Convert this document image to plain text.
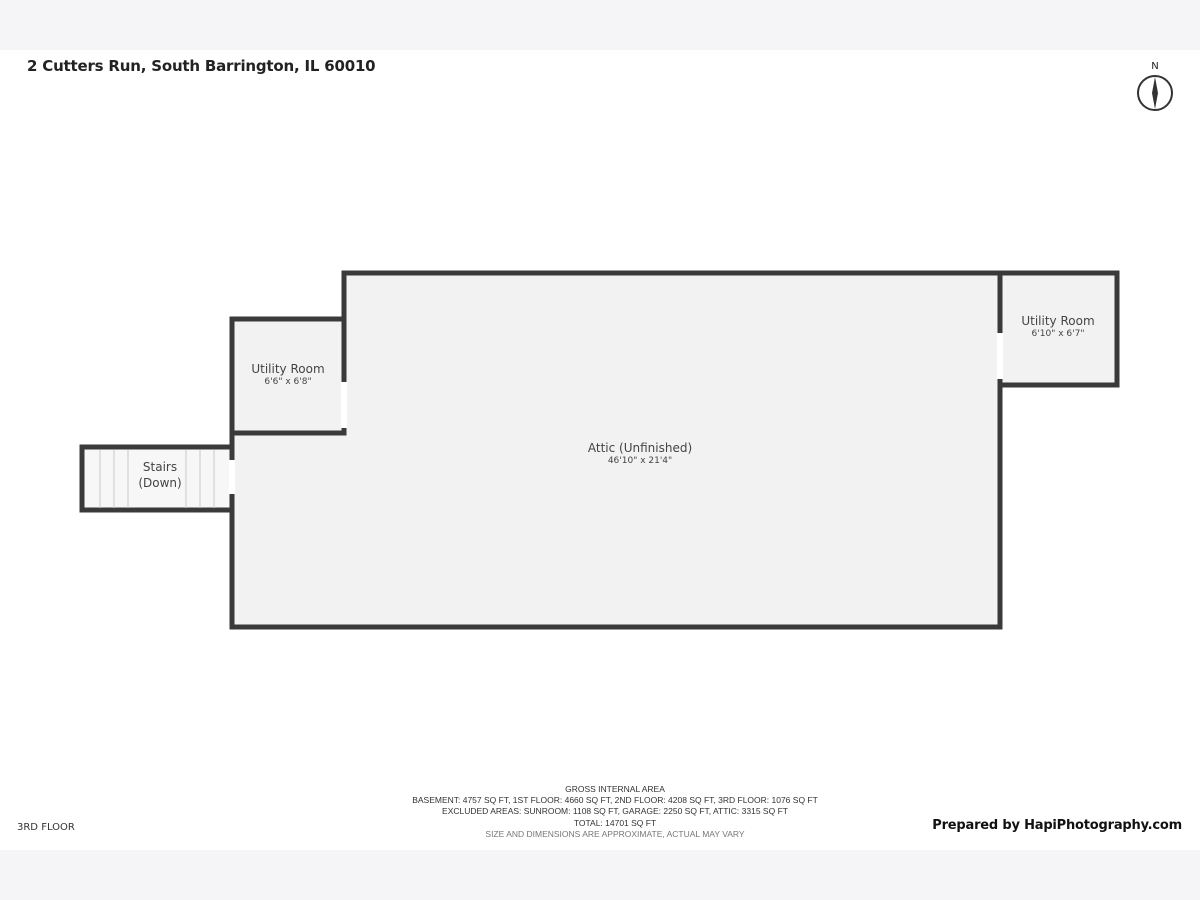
2 Cutters Run, South Barrington, IL 60010	N
Attic (Unfinished)
46'10" x 21'4"
Utility Room
6'6" x 6'8"
Utility Room
6'10" x 6'7"
Stairs
(Down)
GROSS INTERNAL AREA
BASEMENT: 4757 SQ FT, 1ST FLOOR: 4660 SQ FT, 2ND FLOOR: 4208 SQ FT, 3RD FLOOR: 1076 SQ FT
EXCLUDED AREAS: SUNROOM: 1108 SQ FT, GARAGE: 2250 SQ FT, ATTIC: 3315 SQ FT
TOTAL: 14701 SQ FT
SIZE AND DIMENSIONS ARE APPROXIMATE, ACTUAL MAY VARY
3RD FLOOR	Prepared by HapiPhotography.com
